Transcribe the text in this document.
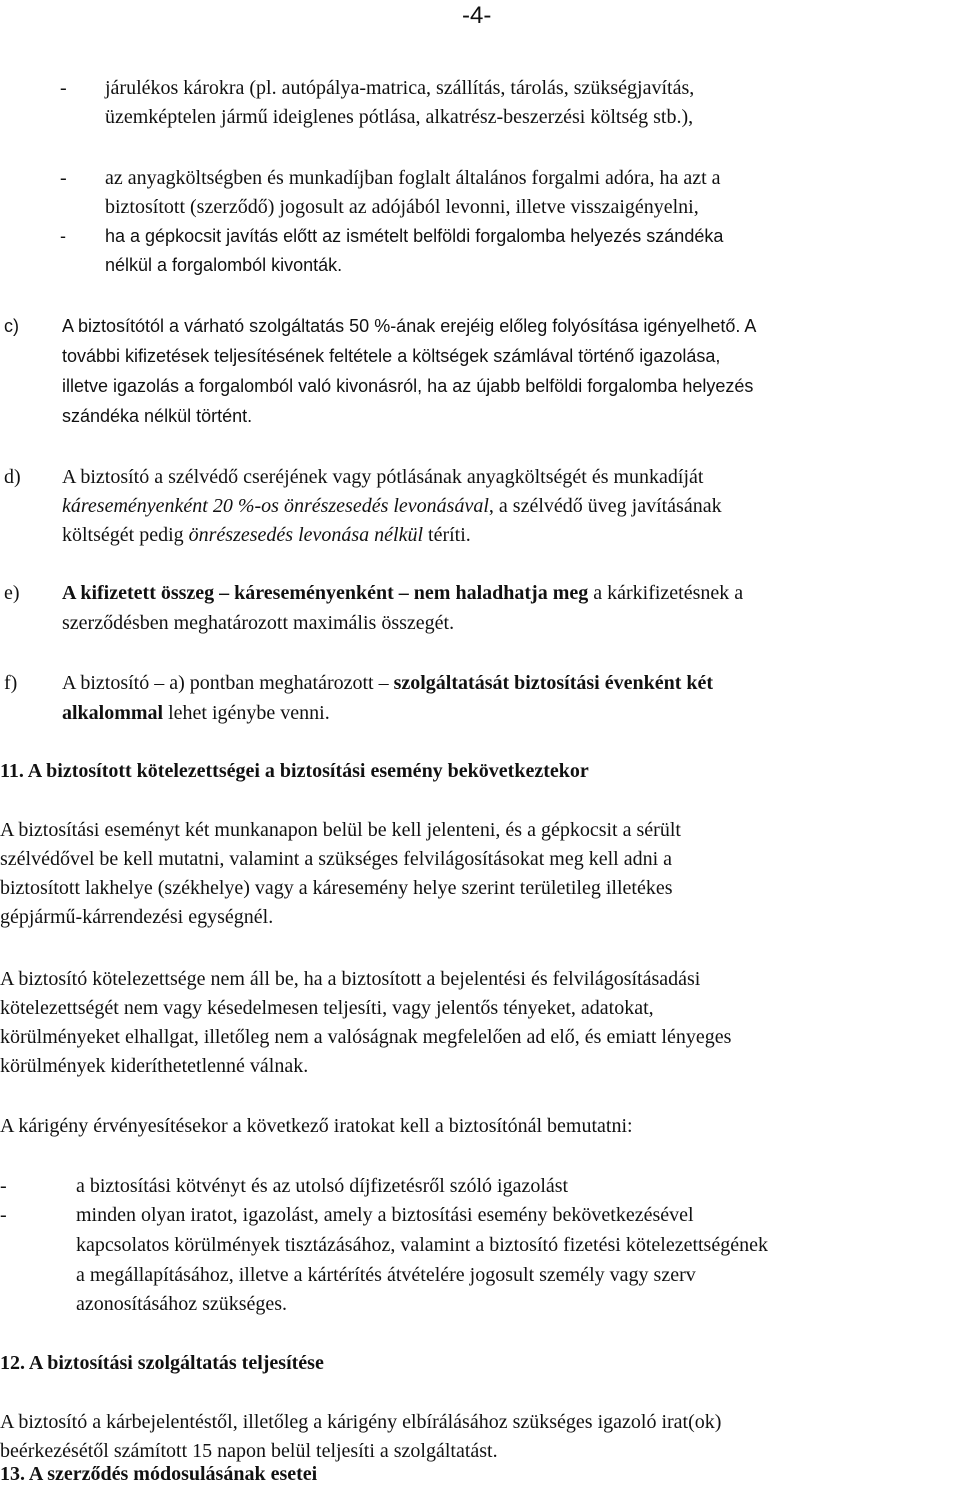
-4-
- járulékos károkra (pl. autópálya-matrica, szállítás, tárolás, szükségjavítás,
üzemképtelen jármű ideiglenes pótlása, alkatrész-beszerzési költség stb.),
- az anyagköltségben és munkadíjban foglalt általános forgalmi adóra, ha azt a
biztosított (szerződő) jogosult az adójából levonni, illetve visszaigényelni,
- ha a gépkocsit javítás előtt az ismételt belföldi forgalomba helyezés szándéka
nélkül a forgalomból kivonták.
c) A biztosítótól a várható szolgáltatás 50 %-ának erejéig előleg folyósítása igényelhető. A
további kifizetések teljesítésének feltétele a költségek számlával történő igazolása,
illetve igazolás a forgalomból való kivonásról, ha az újabb belföldi forgalomba helyezés
szándéka nélkül történt.
d) A biztosító a szélvédő cseréjének vagy pótlásának anyagköltségét és munkadíját
káreseményenként 20 %-os önrészesedés levonásával, a szélvédő üveg javításának
költségét pedig önrészesedés levonása nélkül téríti.
e) A kifizetett összeg – káreseményenként – nem haladhatja meg a kárkifizetésnek a
szerződésben meghatározott maximális összegét.
f) A biztosító – a) pontban meghatározott – szolgáltatását biztosítási évenként két
alkalommal lehet igénybe venni.
11. A biztosított kötelezettségei a biztosítási esemény bekövetkeztekor
A biztosítási eseményt két munkanapon belül be kell jelenteni, és a gépkocsit a sérült
szélvédővel be kell mutatni, valamint a szükséges felvilágosításokat meg kell adni a
biztosított lakhelye (székhelye) vagy a káresemény helye szerint területileg illetékes
gépjármű-kárrendezési egységnél.
A biztosító kötelezettsége nem áll be, ha a biztosított a bejelentési és felvilágosításadási
kötelezettségét nem vagy késedelmesen teljesíti, vagy jelentős tényeket, adatokat,
körülményeket elhallgat, illetőleg nem a valóságnak megfelelően ad elő, és emiatt lényeges
körülmények kideríthetetlenné válnak.
A kárigény érvényesítésekor a következő iratokat kell a biztosítónál bemutatni:
-	a biztosítási kötvényt és az utolsó díjfizetésről szóló igazolást
-	minden olyan iratot, igazolást, amely a biztosítási esemény bekövetkezésével
kapcsolatos körülmények tisztázásához, valamint a biztosító fizetési kötelezettségének
a megállapításához, illetve a kártérítés átvételére jogosult személy vagy szerv
azonosításához szükséges.
12. A biztosítási szolgáltatás teljesítése
A biztosító a kárbejelentéstől, illetőleg a kárigény elbírálásához szükséges igazoló irat(ok)
beérkezésétől számított 15 napon belül teljesíti a szolgáltatást.
13. A szerződés módosulásának esetei
